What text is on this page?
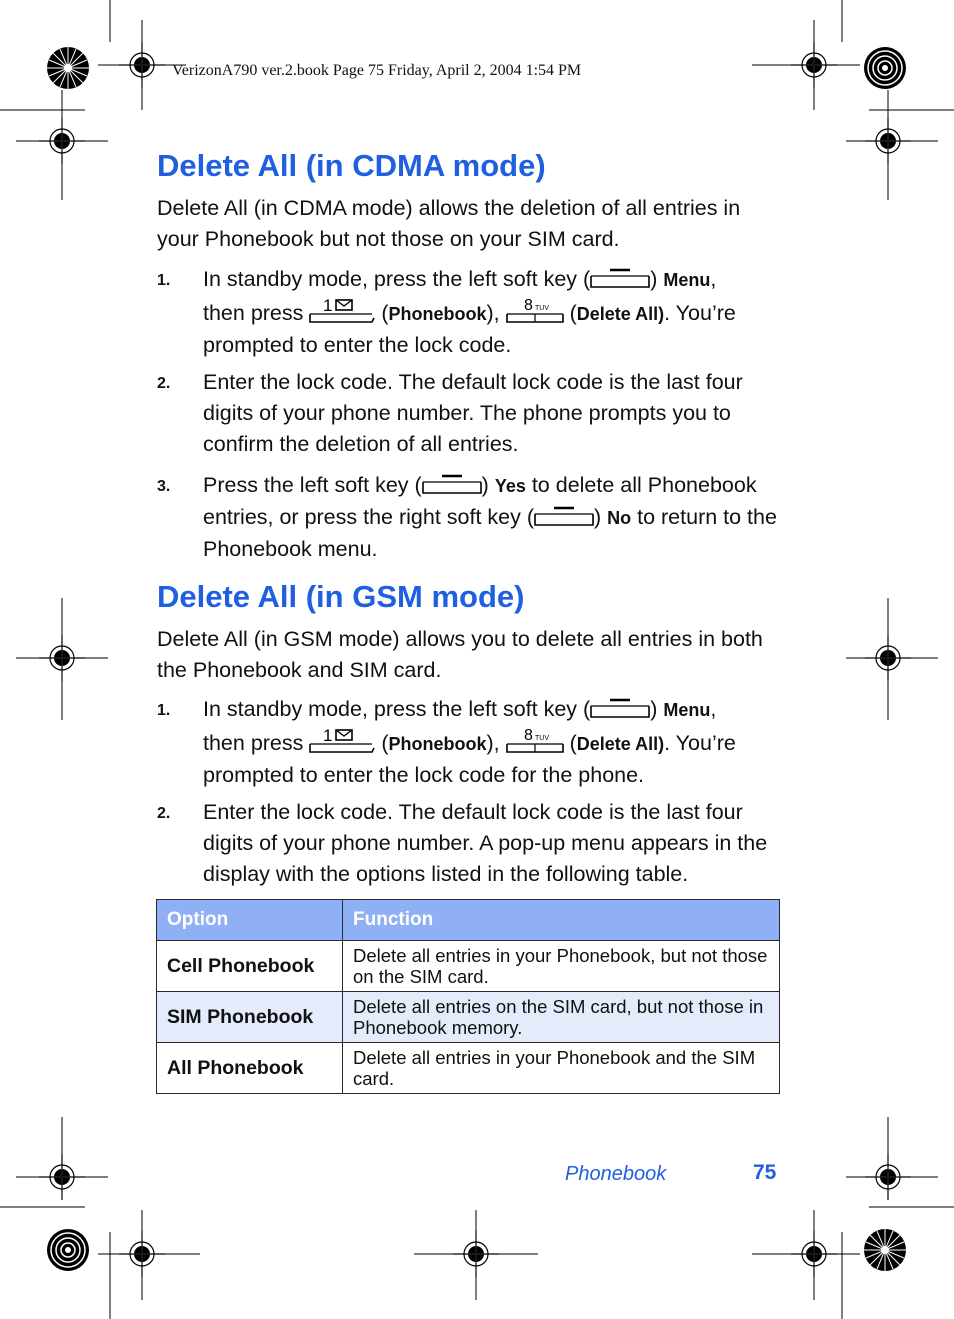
VerizonA790 ver.2.book Page 75 Friday, April 2, 2004 1:54 PM
Delete All (in CDMA mode)

Delete All (in CDMA mode) allows the deletion of all entries in your Phonebook but not those on your SIM card.

1. In standby mode, press the left soft key (	) Menu,
then press 1 (Phonebook), 8 TUV (Delete All). You’re prompted to enter the lock code.
2. Enter the lock code. The default lock code is the last four digits of your phone number. The phone prompts you to confirm the deletion of all entries.
3. Press the left soft key (	) Yes to delete all Phonebook entries, or press the right soft key (	) No to return to the Phonebook menu.
Delete All (in GSM mode)

Delete All (in GSM mode) allows you to delete all entries in both the Phonebook and SIM card.

1. In standby mode, press the left soft key (	) Menu,
then press 1 (Phonebook), 8 TUV (Delete All). You’re prompted to enter the lock code for the phone.
2. Enter the lock code. The default lock code is the last four digits of your phone number. A pop-up menu appears in the display with the options listed in the following table.
Option	Function
Cell Phonebook	Delete all entries in your Phonebook, but not those on the SIM card.
SIM Phonebook	Delete all entries on the SIM card, but not those in Phonebook memory.
All Phonebook	Delete all entries in your Phonebook and the SIM card.
Phonebook	75
